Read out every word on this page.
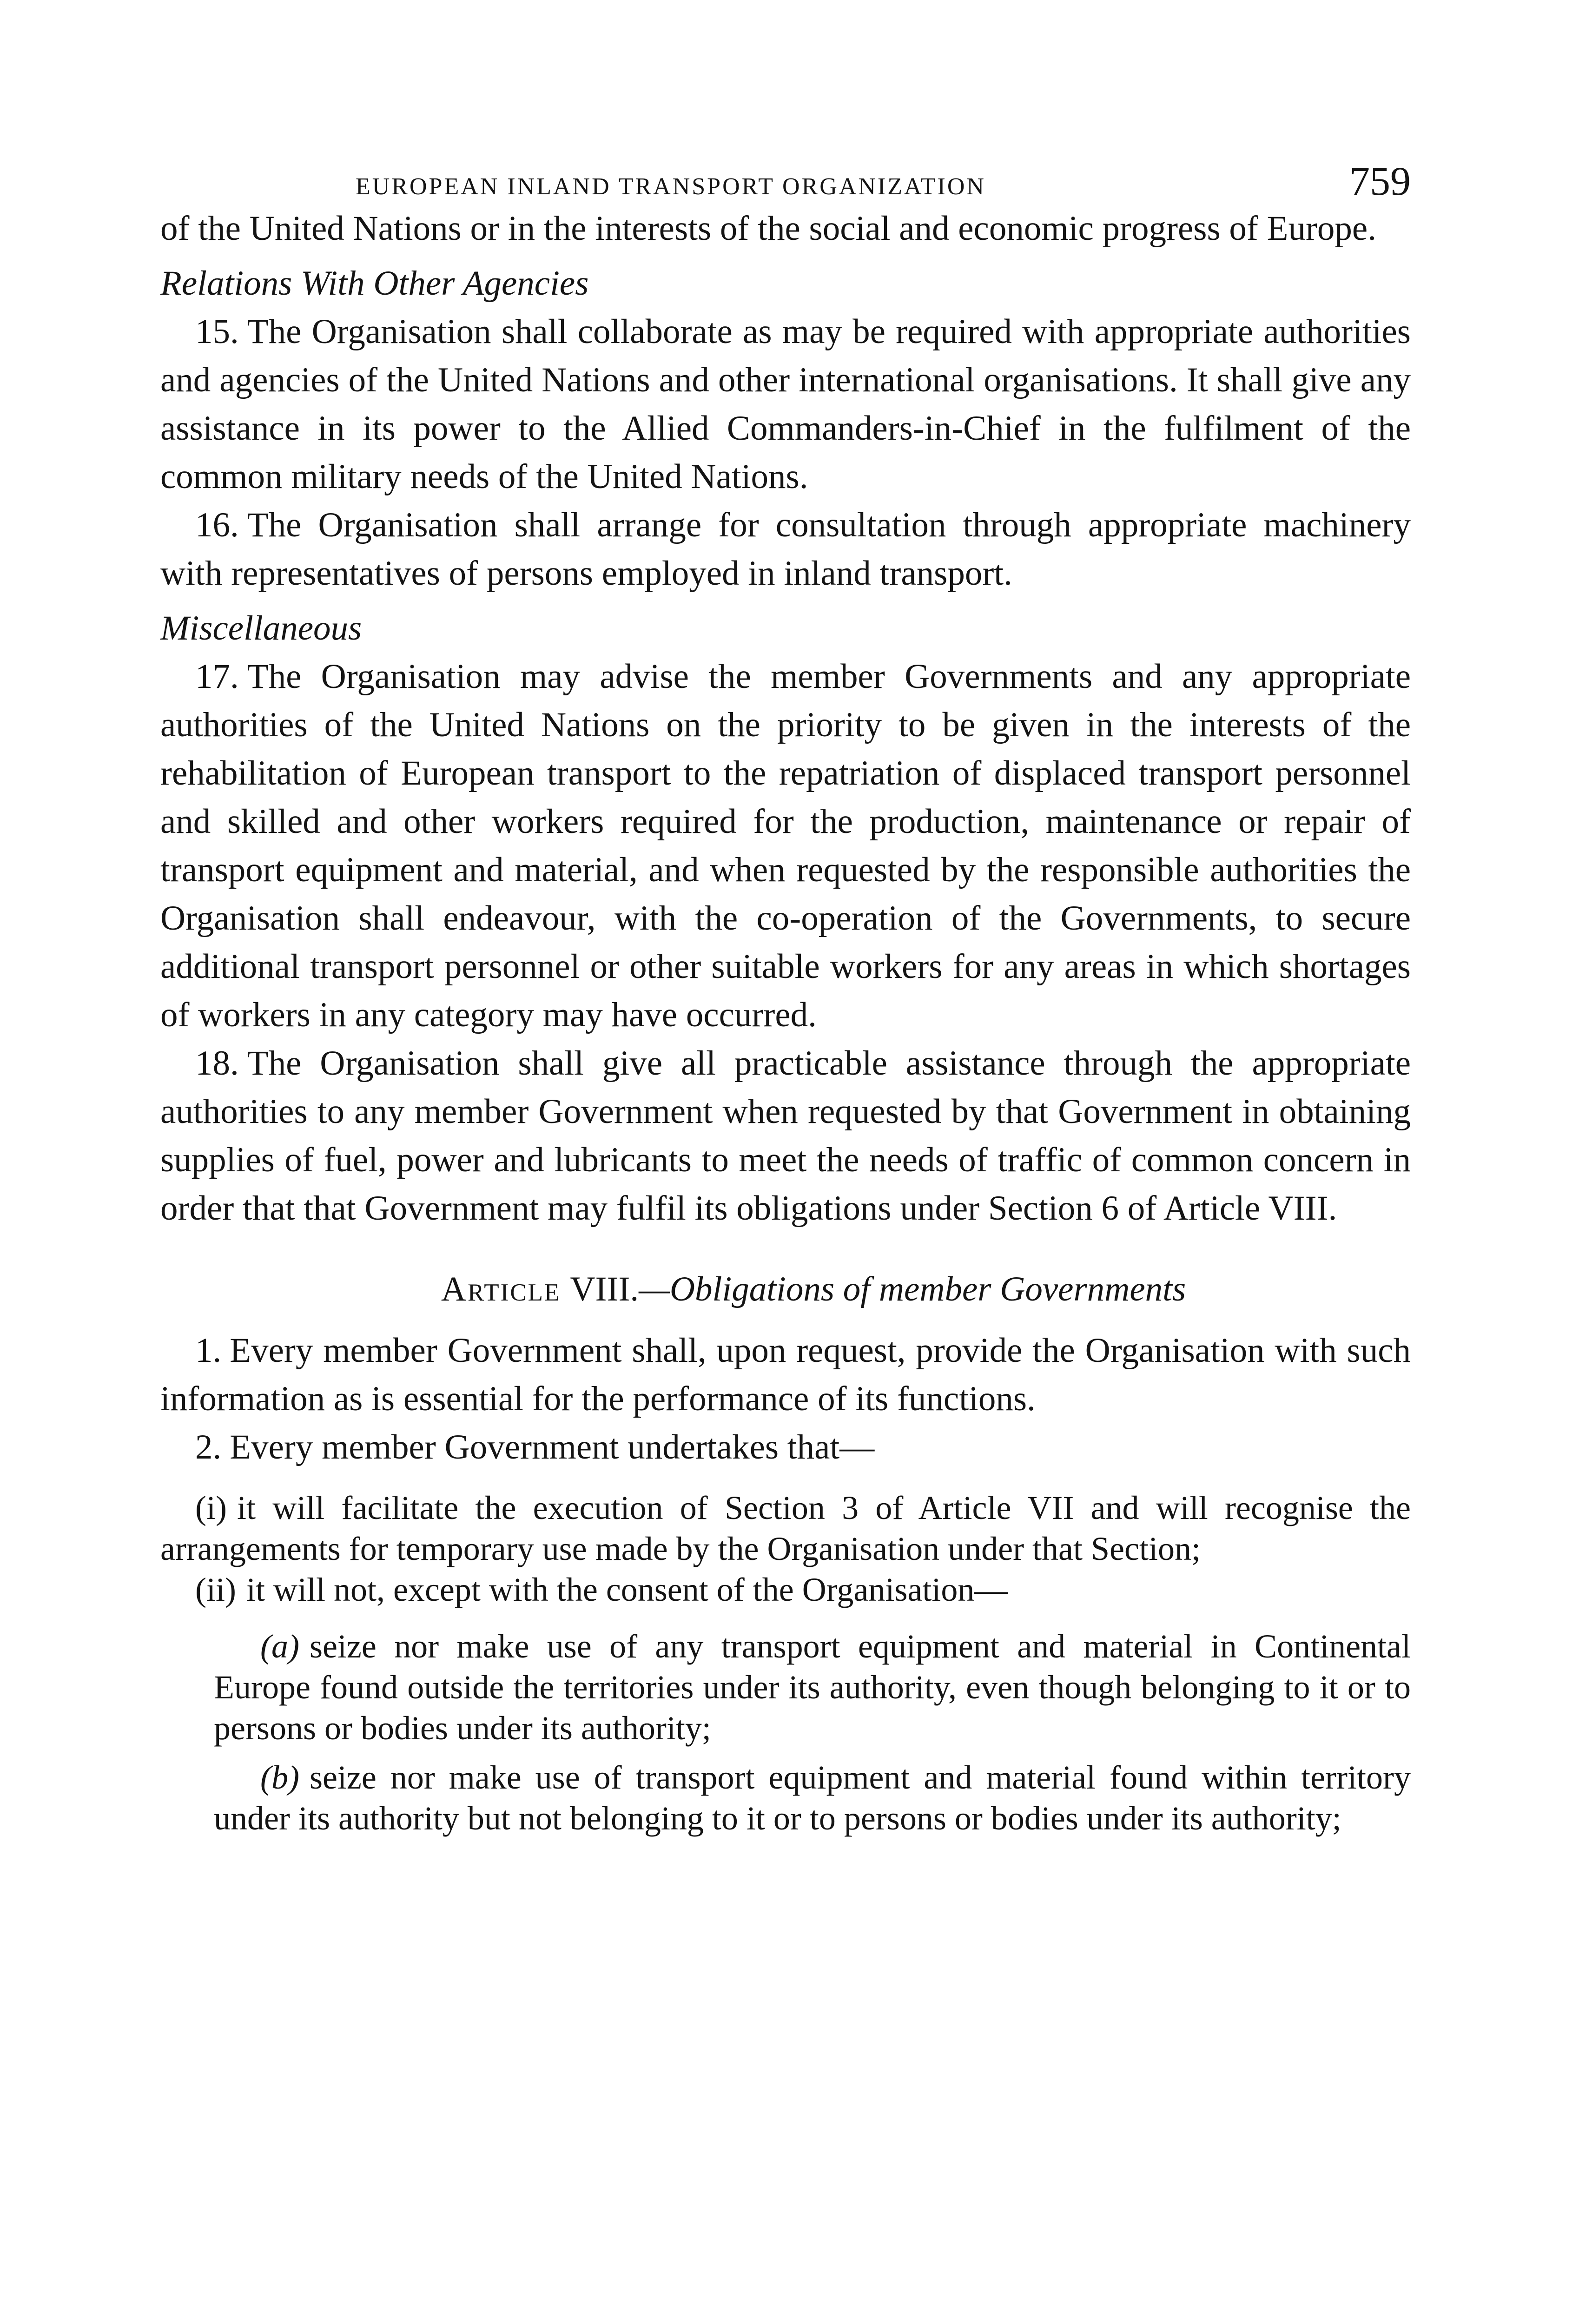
EUROPEAN INLAND TRANSPORT ORGANIZATION	759

of the United Nations or in the interests of the social and economic progress of Europe.

Relations With Other Agencies

15. The Organisation shall collaborate as may be required with appropriate authorities and agencies of the United Nations and other international organisations. It shall give any assistance in its power to the Allied Commanders-in-Chief in the fulfilment of the common military needs of the United Nations.

16. The Organisation shall arrange for consultation through appropriate machinery with representatives of persons employed in inland transport.

Miscellaneous

17. The Organisation may advise the member Governments and any appropriate authorities of the United Nations on the priority to be given in the interests of the rehabilitation of European transport to the repatriation of displaced transport personnel and skilled and other workers required for the production, maintenance or repair of transport equipment and material, and when requested by the responsible authorities the Organisation shall endeavour, with the co-operation of the Governments, to secure additional transport personnel or other suitable workers for any areas in which shortages of workers in any category may have occurred.

18. The Organisation shall give all practicable assistance through the appropriate authorities to any member Government when requested by that Government in obtaining supplies of fuel, power and lubricants to meet the needs of traffic of common concern in order that that Government may fulfil its obligations under Section 6 of Article VIII.

Article VIII.—Obligations of member Governments

1. Every member Government shall, upon request, provide the Organisation with such information as is essential for the performance of its functions.

2. Every member Government undertakes that—

(i) it will facilitate the execution of Section 3 of Article VII and will recognise the arrangements for temporary use made by the Organisation under that Section;

(ii) it will not, except with the consent of the Organisation—

(a) seize nor make use of any transport equipment and material in Continental Europe found outside the territories under its authority, even though belonging to it or to persons or bodies under its authority;

(b) seize nor make use of transport equipment and material found within territory under its authority but not belonging to it or to persons or bodies under its authority;
